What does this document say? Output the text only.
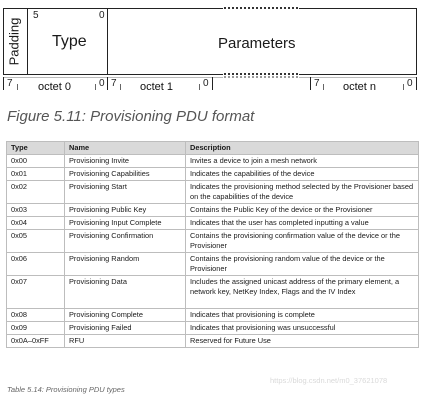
Padding
5	0
Type	Parameters
7 octet 0	0 7 octet 1	0	7 octet n	0
Figure 5.11: Provisioning PDU format
Type	Name	Description
0x00	Provisioning Invite	Invites a device to join a mesh network
0x01	Provisioning Capabilities	Indicates the capabilities of the device
0x02	Provisioning Start	Indicates the provisioning method selected by the Provisioner based on the capabilities of the device
0x03	Provisioning Public Key	Contains the Public Key of the device or the Provisioner
0x04	Provisioning Input Complete	Indicates that the user has completed inputting a value
0x05	Provisioning Confirmation	Contains the provisioning confirmation value of the device or the Provisioner
0x06	Provisioning Random	Contains the provisioning random value of the device or the Provisioner
0x07	Provisioning Data	Includes the assigned unicast address of the primary element, a network key, NetKey Index, Flags and the IV Index
0x08	Provisioning Complete	Indicates that provisioning is complete
0x09	Provisioning Failed	Indicates that provisioning was unsuccessful
0x0A–0xFF	RFU	Reserved for Future Use
https://blog.csdn.net/m0_37621078
Table 5.14: Provisioning PDU types
